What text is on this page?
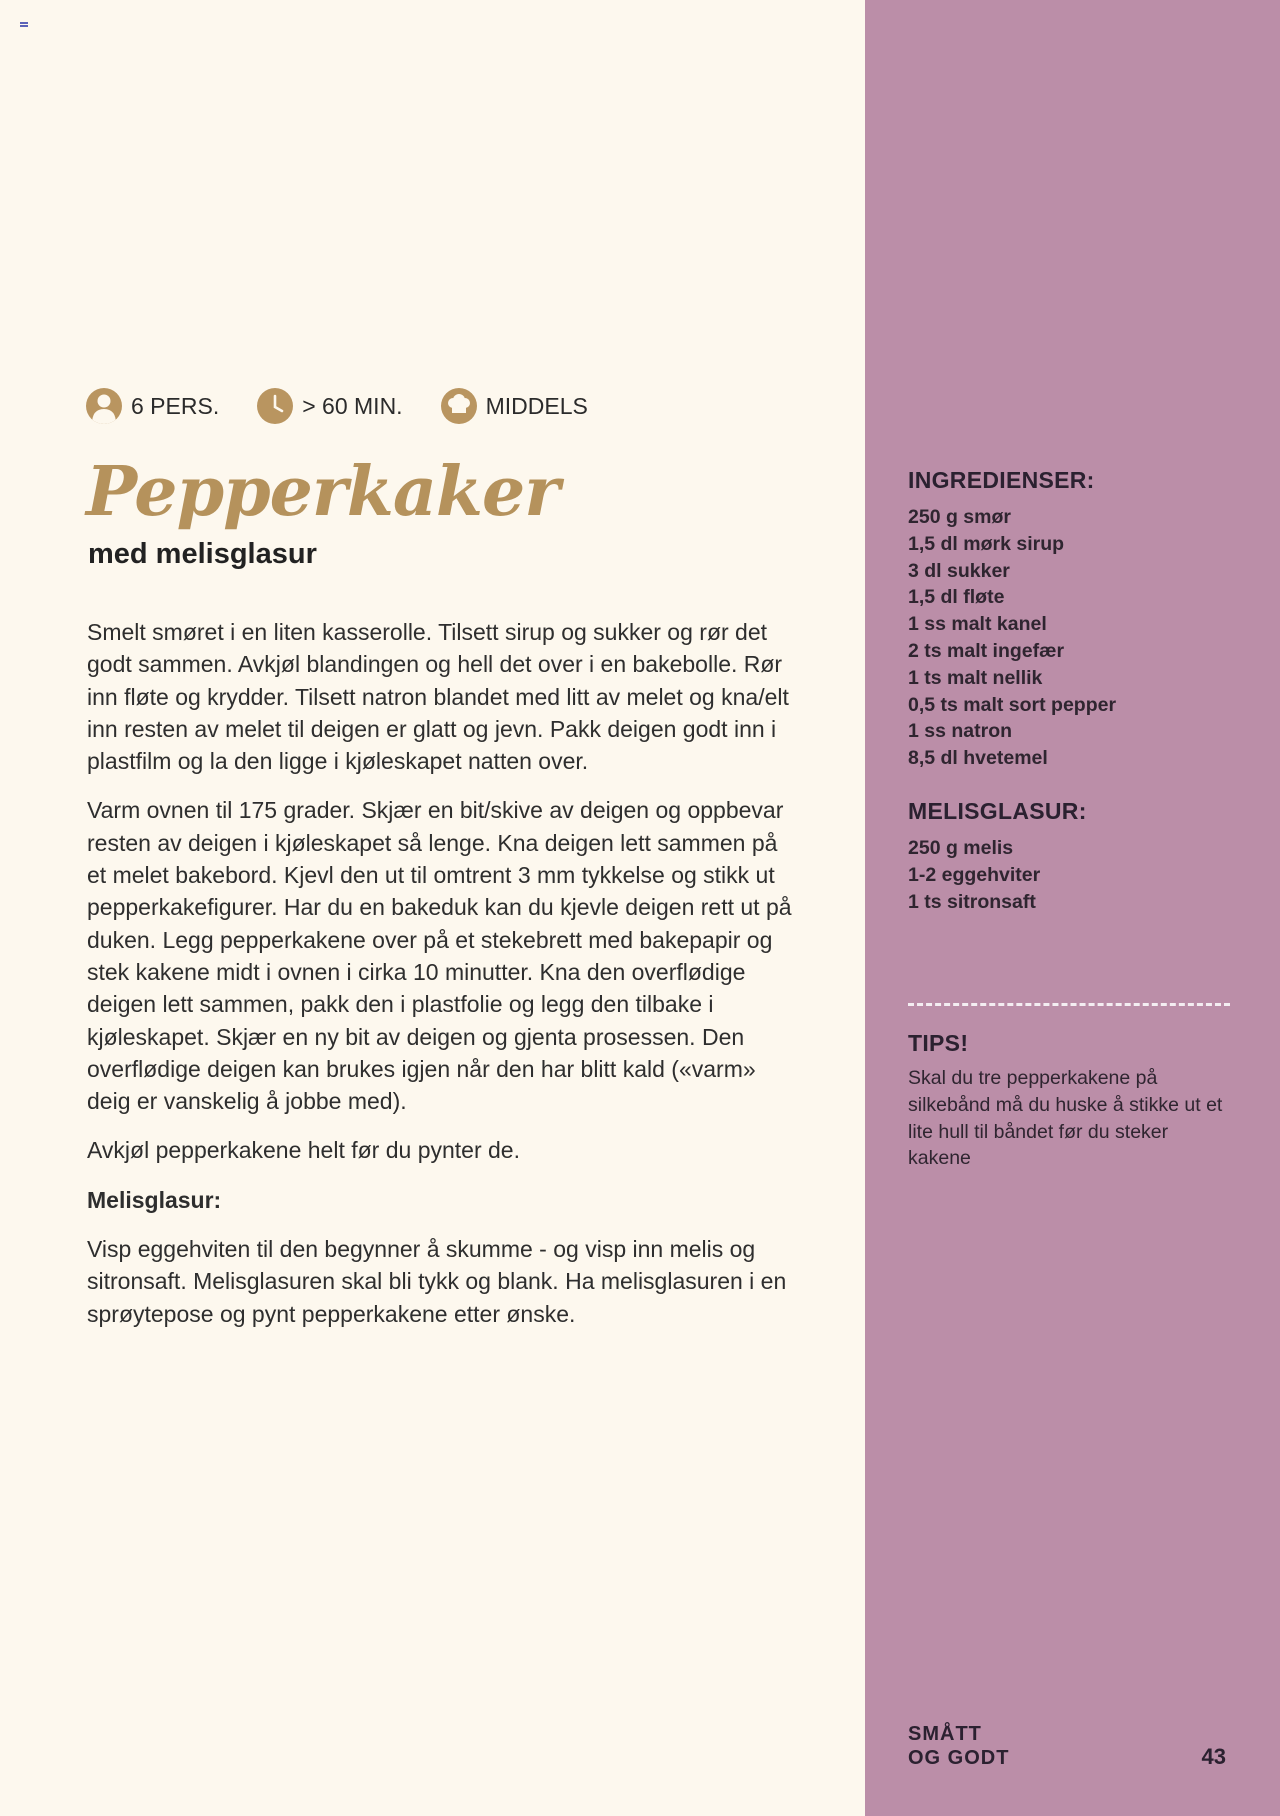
6 PERS.	> 60 MIN.	MIDDELS
Pepperkaker
med melisglasur

Smelt smøret i en liten kasserolle. Tilsett sirup og sukker og rør det godt sammen. Avkjøl blandingen og hell det over i en bakebolle. Rør inn fløte og krydder. Tilsett natron blandet med litt av melet og kna/elt inn resten av melet til deigen er glatt og jevn. Pakk deigen godt inn i plastfilm og la den ligge i kjøleskapet natten over.

Varm ovnen til 175 grader. Skjær en bit/skive av deigen og oppbevar resten av deigen i kjøleskapet så lenge. Kna deigen lett sammen på et melet bakebord. Kjevl den ut til omtrent 3 mm tykkelse og stikk ut pepperkakefigurer. Har du en bakeduk kan du kjevle deigen rett ut på duken. Legg pepperkakene over på et stekebrett med bakepapir og stek kakene midt i ovnen i cirka 10 minutter. Kna den overflødige deigen lett sammen, pakk den i plastfolie og legg den tilbake i kjøleskapet. Skjær en ny bit av deigen og gjenta prosessen. Den overflødige deigen kan brukes igjen når den har blitt kald («varm» deig er vanskelig å jobbe med).

Avkjøl pepperkakene helt før du pynter de.

Melisglasur:

Visp eggehviten til den begynner å skumme - og visp inn melis og sitronsaft. Melisglasuren skal bli tykk og blank. Ha melisglasuren i en sprøytepose og pynt pepperkakene etter ønske.

INGREDIENSER:
250 g smør
1,5 dl mørk sirup
3 dl sukker
1,5 dl fløte
1 ss malt kanel
2 ts malt ingefær
1 ts malt nellik
0,5 ts malt sort pepper
1 ss natron
8,5 dl hvetemel
MELISGLASUR:
250 g melis
1-2 eggehviter
1 ts sitronsaft
TIPS!

Skal du tre pepperkakene på silkebånd må du huske å stikke ut et lite hull til båndet før du steker kakene

SMÅTT
OG GODT	43
